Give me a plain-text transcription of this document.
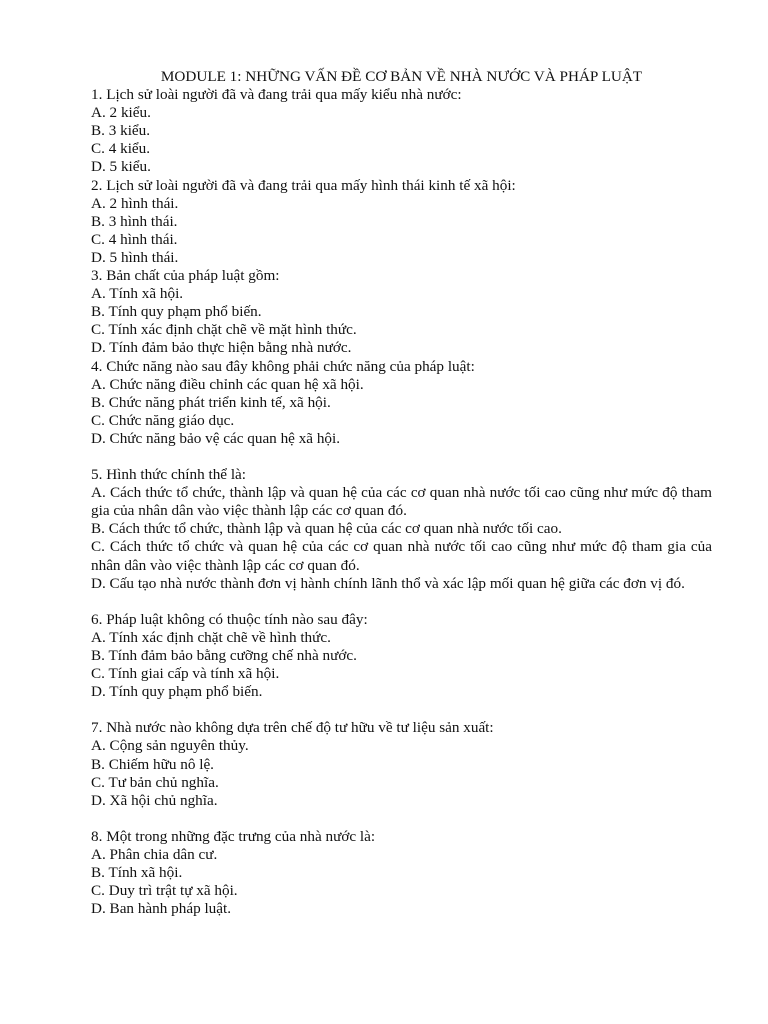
MODULE 1: NHỮNG VẤN ĐỀ CƠ BẢN VỀ NHÀ NƯỚC VÀ PHÁP LUẬT
1. Lịch sử loài người đã và đang trải qua mấy kiểu nhà nước:
A. 2 kiểu.
B. 3 kiểu.
C. 4 kiểu.
D. 5 kiểu.
2. Lịch sử loài người đã và đang trải qua mấy hình thái kinh tế xã hội:
A. 2 hình thái.
B. 3 hình thái.
C. 4 hình thái.
D. 5 hình thái.
3. Bản chất của pháp luật gồm:
A. Tính xã hội.
B. Tính quy phạm phổ biến.
C. Tính xác định chặt chẽ về mặt hình thức.
D. Tính đảm bảo thực hiện bằng nhà nước.
4. Chức năng nào sau đây không phải chức năng của pháp luật:
A. Chức năng điều chỉnh các quan hệ xã hội.
B. Chức năng phát triển kinh tế, xã hội.
C. Chức năng giáo dục.
D. Chức năng bảo vệ các quan hệ xã hội.
5. Hình thức chính thể là:
A. Cách thức tổ chức, thành lập và quan hệ của các cơ quan nhà nước tối cao cũng như mức độ tham gia của nhân dân vào việc thành lập các cơ quan đó.
B. Cách thức tổ chức, thành lập và quan hệ của các cơ quan nhà nước tối cao.
C. Cách thức tổ chức và quan hệ của các cơ quan nhà nước tối cao cũng như mức độ tham gia của nhân dân vào việc thành lập các cơ quan đó.
D. Cấu tạo nhà nước thành đơn vị hành chính lãnh thổ và xác lập mối quan hệ giữa các đơn vị đó.
6. Pháp luật không có thuộc tính nào sau đây:
A. Tính xác định chặt chẽ về hình thức.
B. Tính đảm bảo bằng cưỡng chế nhà nước.
C. Tính giai cấp và tính xã hội.
D. Tính quy phạm phổ biến.
7. Nhà nước nào không dựa trên chế độ tư hữu về tư liệu sản xuất:
A. Cộng sản nguyên thủy.
B. Chiếm hữu nô lệ.
C. Tư bản chủ nghĩa.
D. Xã hội chủ nghĩa.
8. Một trong những đặc trưng của nhà nước là:
A. Phân chia dân cư.
B. Tính xã hội.
C. Duy trì trật tự xã hội.
D. Ban hành pháp luật.
